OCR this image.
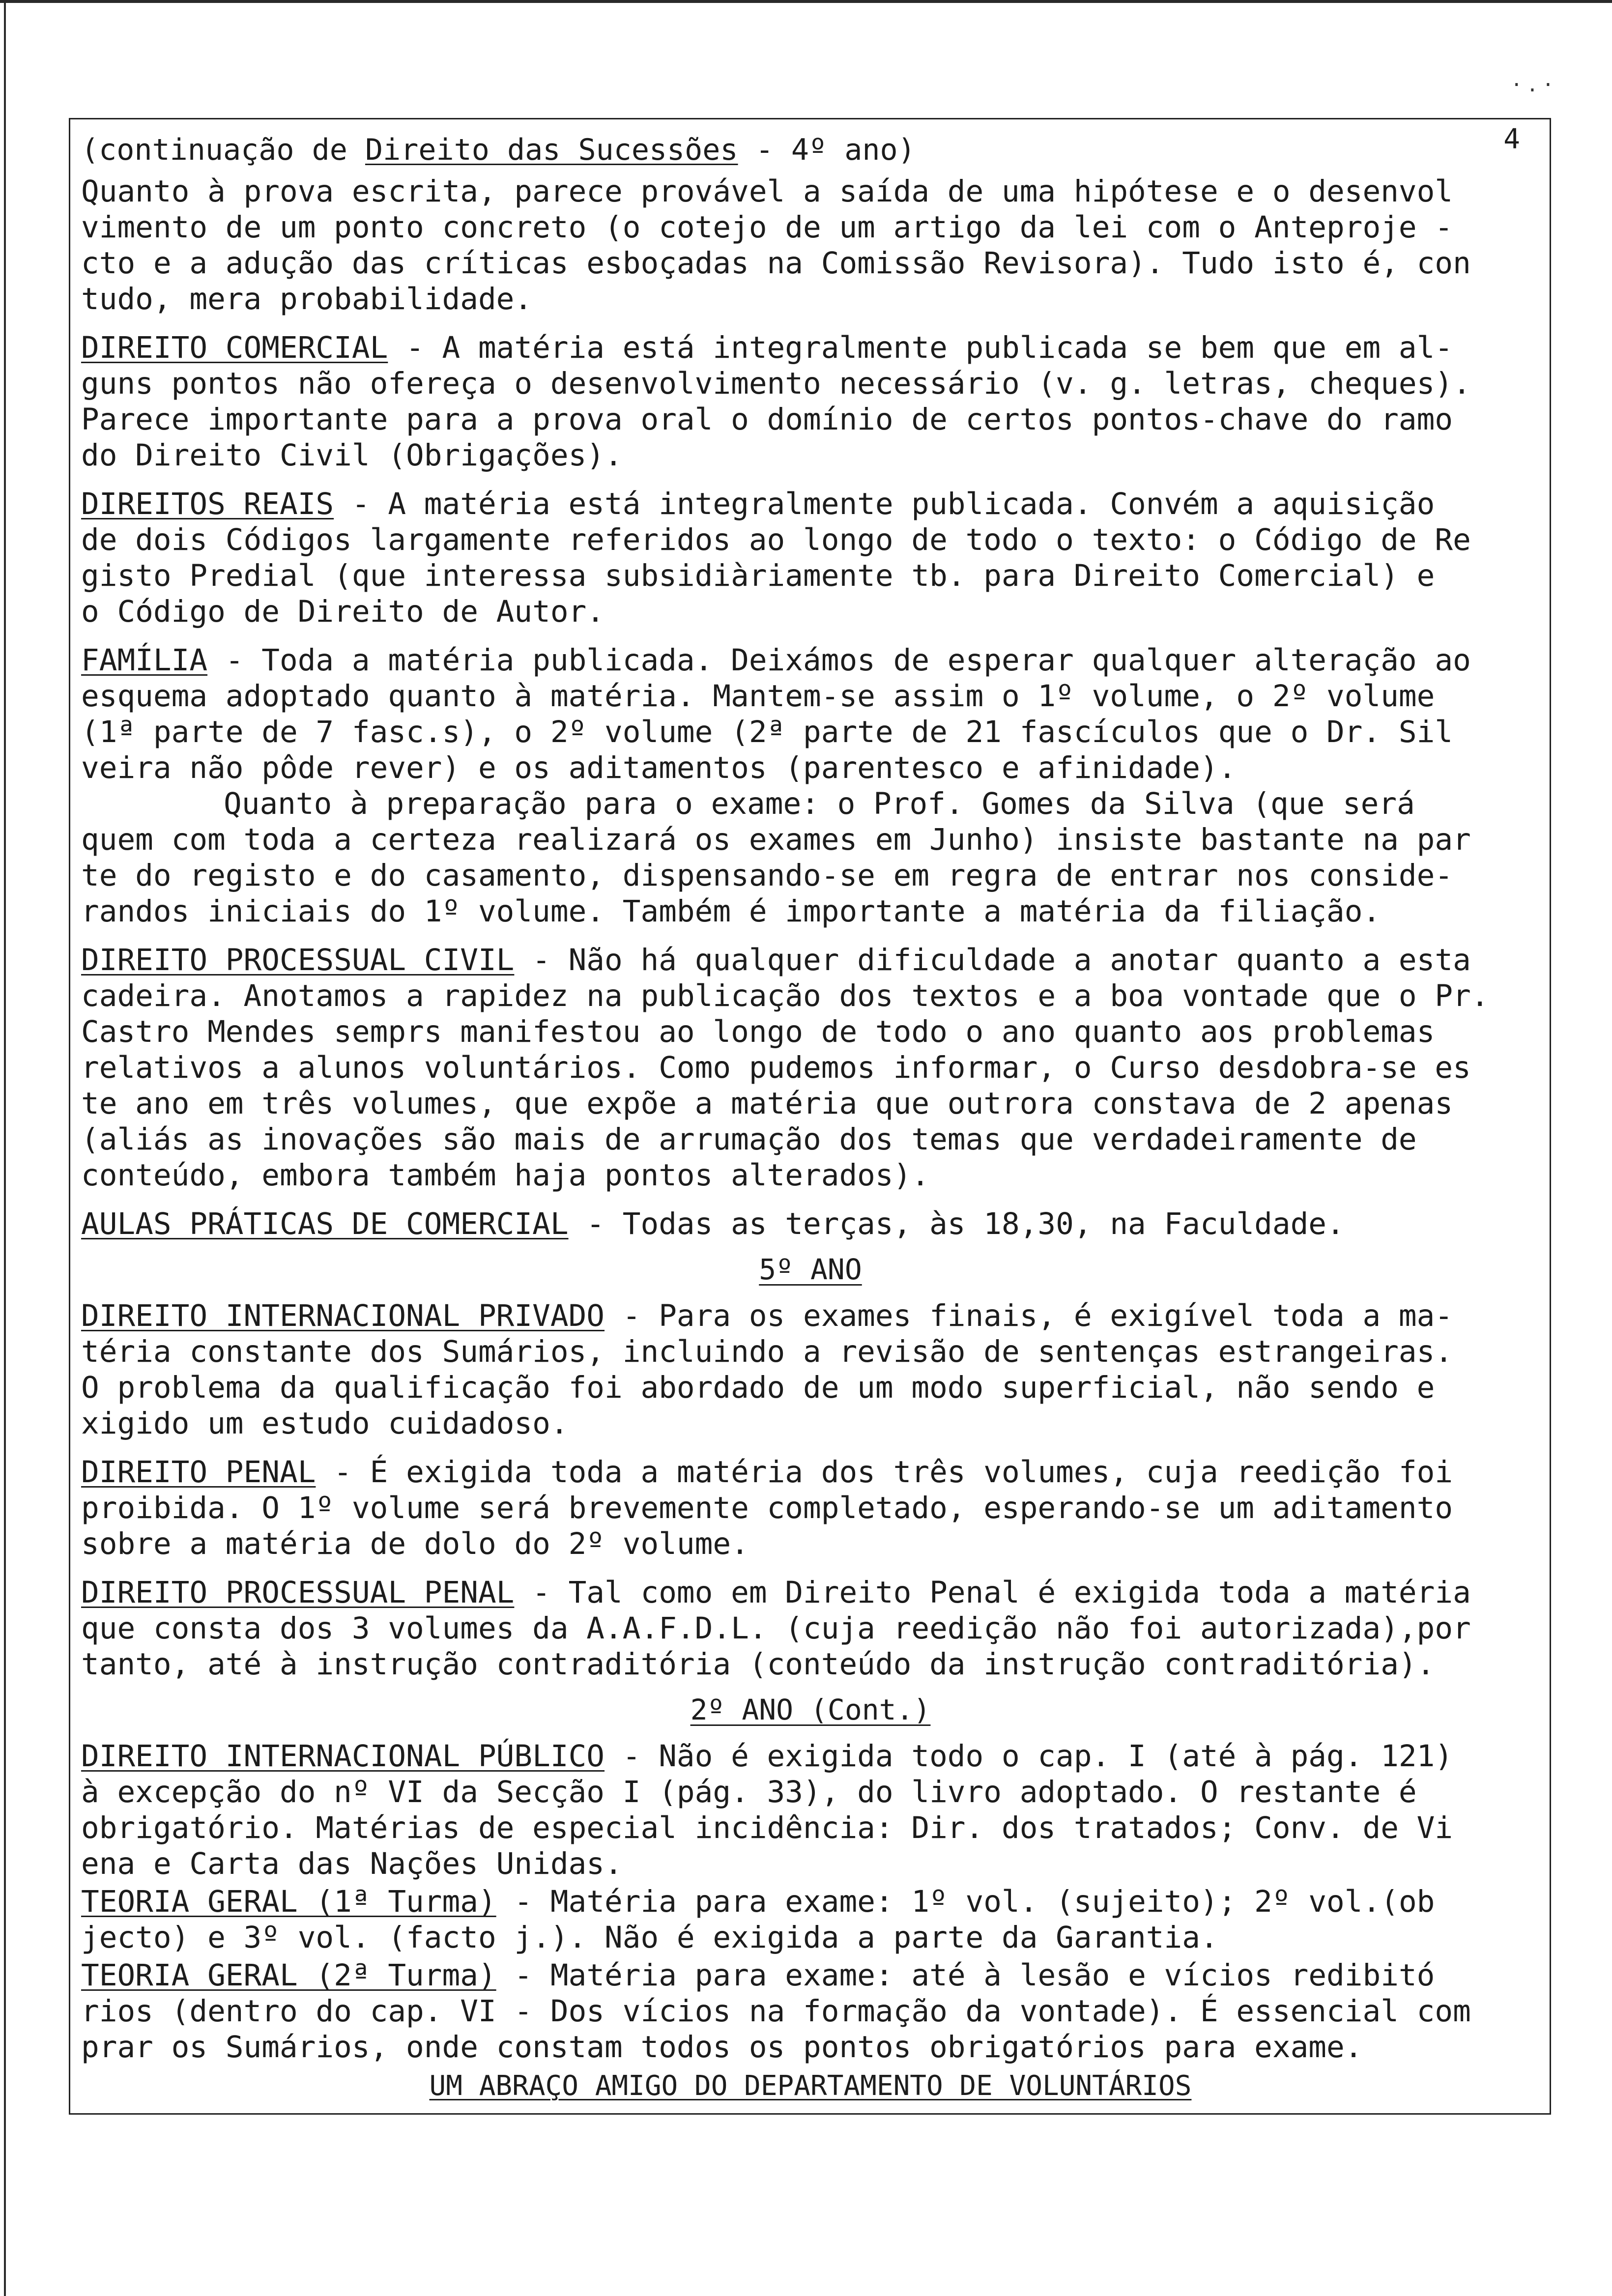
·.·
(continuação de Direito das Sucessões - 4º ano)	4
Quanto à prova escrita, parece provável a saída de uma hipótese e o desenvol
vimento de um ponto concreto (o cotejo de um artigo da lei com o Anteproje -
cto e a adução das críticas esboçadas na Comissão Revisora). Tudo isto é, con
tudo, mera probabilidade.
DIREITO COMERCIAL - A matéria está integralmente publicada se bem que em al-
guns pontos não ofereça o desenvolvimento necessário (v. g. letras, cheques).
Parece importante para a prova oral o domínio de certos pontos-chave do ramo
do Direito Civil (Obrigações).
DIREITOS REAIS - A matéria está integralmente publicada. Convém a aquisição
de dois Códigos largamente referidos ao longo de todo o texto: o Código de Re
gisto Predial (que interessa subsidiàriamente tb. para Direito Comercial) e
o Código de Direito de Autor.
FAMÍLIA - Toda a matéria publicada. Deixámos de esperar qualquer alteração ao
esquema adoptado quanto à matéria. Mantem-se assim o 1º volume, o 2º volume
(1ª parte de 7 fasc.s), o 2º volume (2ª parte de 21 fascículos que o Dr. Sil
veira não pôde rever) e os aditamentos (parentesco e afinidade).
Quanto à preparação para o exame: o Prof. Gomes da Silva (que será
quem com toda a certeza realizará os exames em Junho) insiste bastante na par
te do registo e do casamento, dispensando-se em regra de entrar nos conside-
randos iniciais do 1º volume. Também é importante a matéria da filiação.
DIREITO PROCESSUAL CIVIL - Não há qualquer dificuldade a anotar quanto a esta
cadeira. Anotamos a rapidez na publicação dos textos e a boa vontade que o Pr.
Castro Mendes semprs manifestou ao longo de todo o ano quanto aos problemas
relativos a alunos voluntários. Como pudemos informar, o Curso desdobra-se es
te ano em três volumes, que expõe a matéria que outrora constava de 2 apenas
(aliás as inovações são mais de arrumação dos temas que verdadeiramente de
conteúdo, embora também haja pontos alterados).
AULAS PRÁTICAS DE COMERCIAL - Todas as terças, às 18,30, na Faculdade.
5º ANO
DIREITO INTERNACIONAL PRIVADO - Para os exames finais, é exigível toda a ma-
téria constante dos Sumários, incluindo a revisão de sentenças estrangeiras.
O problema da qualificação foi abordado de um modo superficial, não sendo e
xigido um estudo cuidadoso.
DIREITO PENAL - É exigida toda a matéria dos três volumes, cuja reedição foi
proibida. O 1º volume será brevemente completado, esperando-se um aditamento
sobre a matéria de dolo do 2º volume.
DIREITO PROCESSUAL PENAL - Tal como em Direito Penal é exigida toda a matéria
que consta dos 3 volumes da A.A.F.D.L. (cuja reedição não foi autorizada),por
tanto, até à instrução contraditória (conteúdo da instrução contraditória).
2º ANO (Cont.)
DIREITO INTERNACIONAL PÚBLICO - Não é exigida todo o cap. I (até à pág. 121)
à excepção do nº VI da Secção I (pág. 33), do livro adoptado. O restante é
obrigatório. Matérias de especial incidência: Dir. dos tratados; Conv. de Vi
ena e Carta das Nações Unidas.
TEORIA GERAL (1ª Turma) - Matéria para exame: 1º vol. (sujeito); 2º vol.(ob
jecto) e 3º vol. (facto j.). Não é exigida a parte da Garantia.
TEORIA GERAL (2ª Turma) - Matéria para exame: até à lesão e vícios redibitó
rios (dentro do cap. VI - Dos vícios na formação da vontade). É essencial com
prar os Sumários, onde constam todos os pontos obrigatórios para exame.
UM ABRAÇO AMIGO DO DEPARTAMENTO DE VOLUNTÁRIOS
